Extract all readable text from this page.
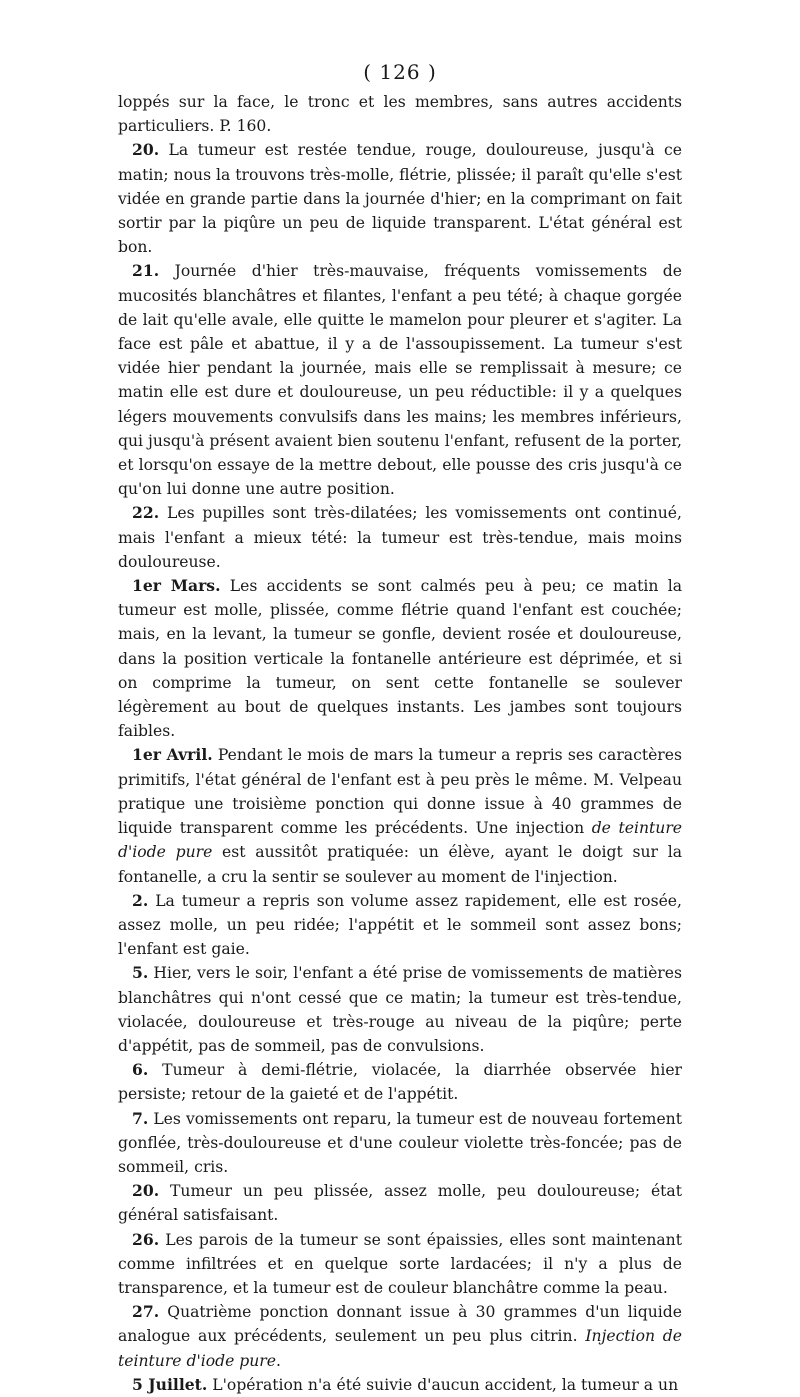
( 126 )

loppés sur la face, le tronc et les membres, sans autres accidents particuliers. P. 160.

20. La tumeur est restée tendue, rouge, douloureuse, jusqu'à ce matin; nous la trouvons très-molle, flétrie, plissée; il paraît qu'elle s'est vidée en grande partie dans la journée d'hier; en la comprimant on fait sortir par la piqûre un peu de liquide transparent. L'état général est bon.

21. Journée d'hier très-mauvaise, fréquents vomissements de mucosités blanchâtres et filantes, l'enfant a peu tété; à chaque gorgée de lait qu'elle avale, elle quitte le mamelon pour pleurer et s'agiter. La face est pâle et abattue, il y a de l'assoupissement. La tumeur s'est vidée hier pendant la journée, mais elle se remplissait à mesure; ce matin elle est dure et douloureuse, un peu réductible: il y a quelques légers mouvements convulsifs dans les mains; les membres inférieurs, qui jusqu'à présent avaient bien soutenu l'enfant, refusent de la porter, et lorsqu'on essaye de la mettre debout, elle pousse des cris jusqu'à ce qu'on lui donne une autre position.

22. Les pupilles sont très-dilatées; les vomissements ont continué, mais l'enfant a mieux tété: la tumeur est très-tendue, mais moins douloureuse.

1er Mars. Les accidents se sont calmés peu à peu; ce matin la tumeur est molle, plissée, comme flétrie quand l'enfant est couchée; mais, en la levant, la tumeur se gonfle, devient rosée et douloureuse, dans la position verticale la fontanelle antérieure est déprimée, et si on comprime la tumeur, on sent cette fontanelle se soulever légèrement au bout de quelques instants. Les jambes sont toujours faibles.

1er Avril. Pendant le mois de mars la tumeur a repris ses caractères primitifs, l'état général de l'enfant est à peu près le même. M. Velpeau pratique une troisième ponction qui donne issue à 40 grammes de liquide transparent comme les précédents. Une injection de teinture d'iode pure est aussitôt pratiquée: un élève, ayant le doigt sur la fontanelle, a cru la sentir se soulever au moment de l'injection.

2. La tumeur a repris son volume assez rapidement, elle est rosée, assez molle, un peu ridée; l'appétit et le sommeil sont assez bons; l'enfant est gaie.

5. Hier, vers le soir, l'enfant a été prise de vomissements de matières blanchâtres qui n'ont cessé que ce matin; la tumeur est très-tendue, violacée, douloureuse et très-rouge au niveau de la piqûre; perte d'appétit, pas de sommeil, pas de convulsions.

6. Tumeur à demi-flétrie, violacée, la diarrhée observée hier persiste; retour de la gaieté et de l'appétit.

7. Les vomissements ont reparu, la tumeur est de nouveau fortement gonflée, très-douloureuse et d'une couleur violette très-foncée; pas de sommeil, cris.

20. Tumeur un peu plissée, assez molle, peu douloureuse; état général satisfaisant.

26. Les parois de la tumeur se sont épaissies, elles sont maintenant comme infiltrées et en quelque sorte lardacées; il n'y a plus de transparence, et la tumeur est de couleur blanchâtre comme la peau.

27. Quatrième ponction donnant issue à 30 grammes d'un liquide analogue aux précédents, seulement un peu plus citrin. Injection de teinture d'iode pure.

5 Juillet. L'opération n'a été suivie d'aucun accident, la tumeur a un
